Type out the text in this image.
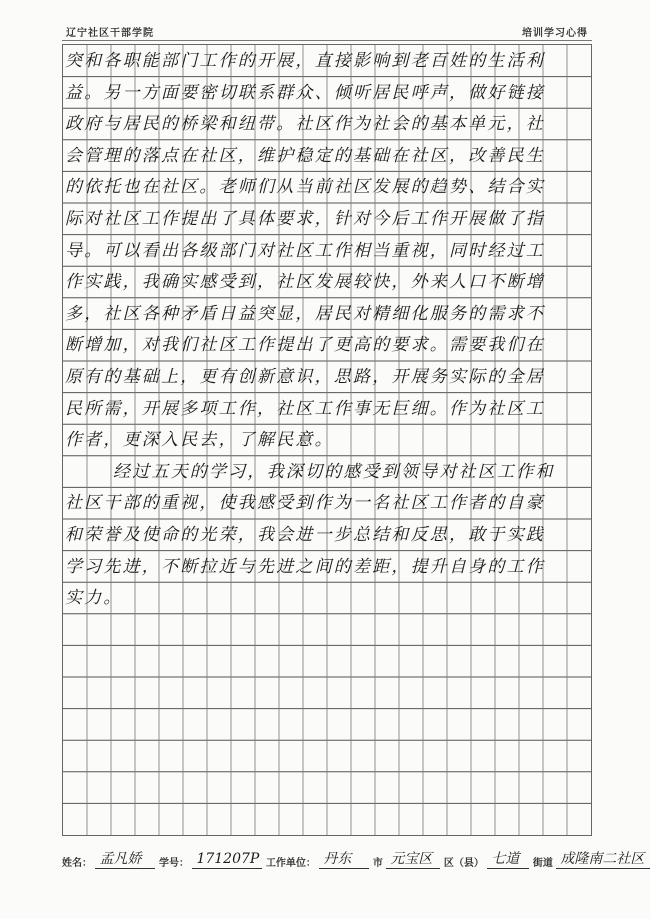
辽宁社区干部学院	培训学习心得
突和各职能部门工作的开展，直接影响到老百姓的生活利
益。另一方面要密切联系群众、倾听居民呼声，做好链接
政府与居民的桥梁和纽带。社区作为社会的基本单元，社
会管理的落点在社区，维护稳定的基础在社区，改善民生
的依托也在社区。老师们从当前社区发展的趋势、结合实
际对社区工作提出了具体要求，针对今后工作开展做了指
导。可以看出各级部门对社区工作相当重视，同时经过工
作实践，我确实感受到，社区发展较快，外来人口不断增
多，社区各种矛盾日益突显，居民对精细化服务的需求不
断增加，对我们社区工作提出了更高的要求。需要我们在
原有的基础上，更有创新意识，思路，开展务实际的全居
民所需，开展多项工作，社区工作事无巨细。作为社区工
作者，更深入民去，了解民意。
经过五天的学习，我深切的感受到领导对社区工作和
社区干部的重视，使我感受到作为一名社区工作者的自豪
和荣誉及使命的光荣，我会进一步总结和反思，敢于实践
学习先进，不断拉近与先进之间的差距，提升自身的工作
实力。
姓名： 孟凡娇 学号： 171207P 工作单位： 丹东 市 元宝区 区（县） 七道 街道 成隆南二社区
